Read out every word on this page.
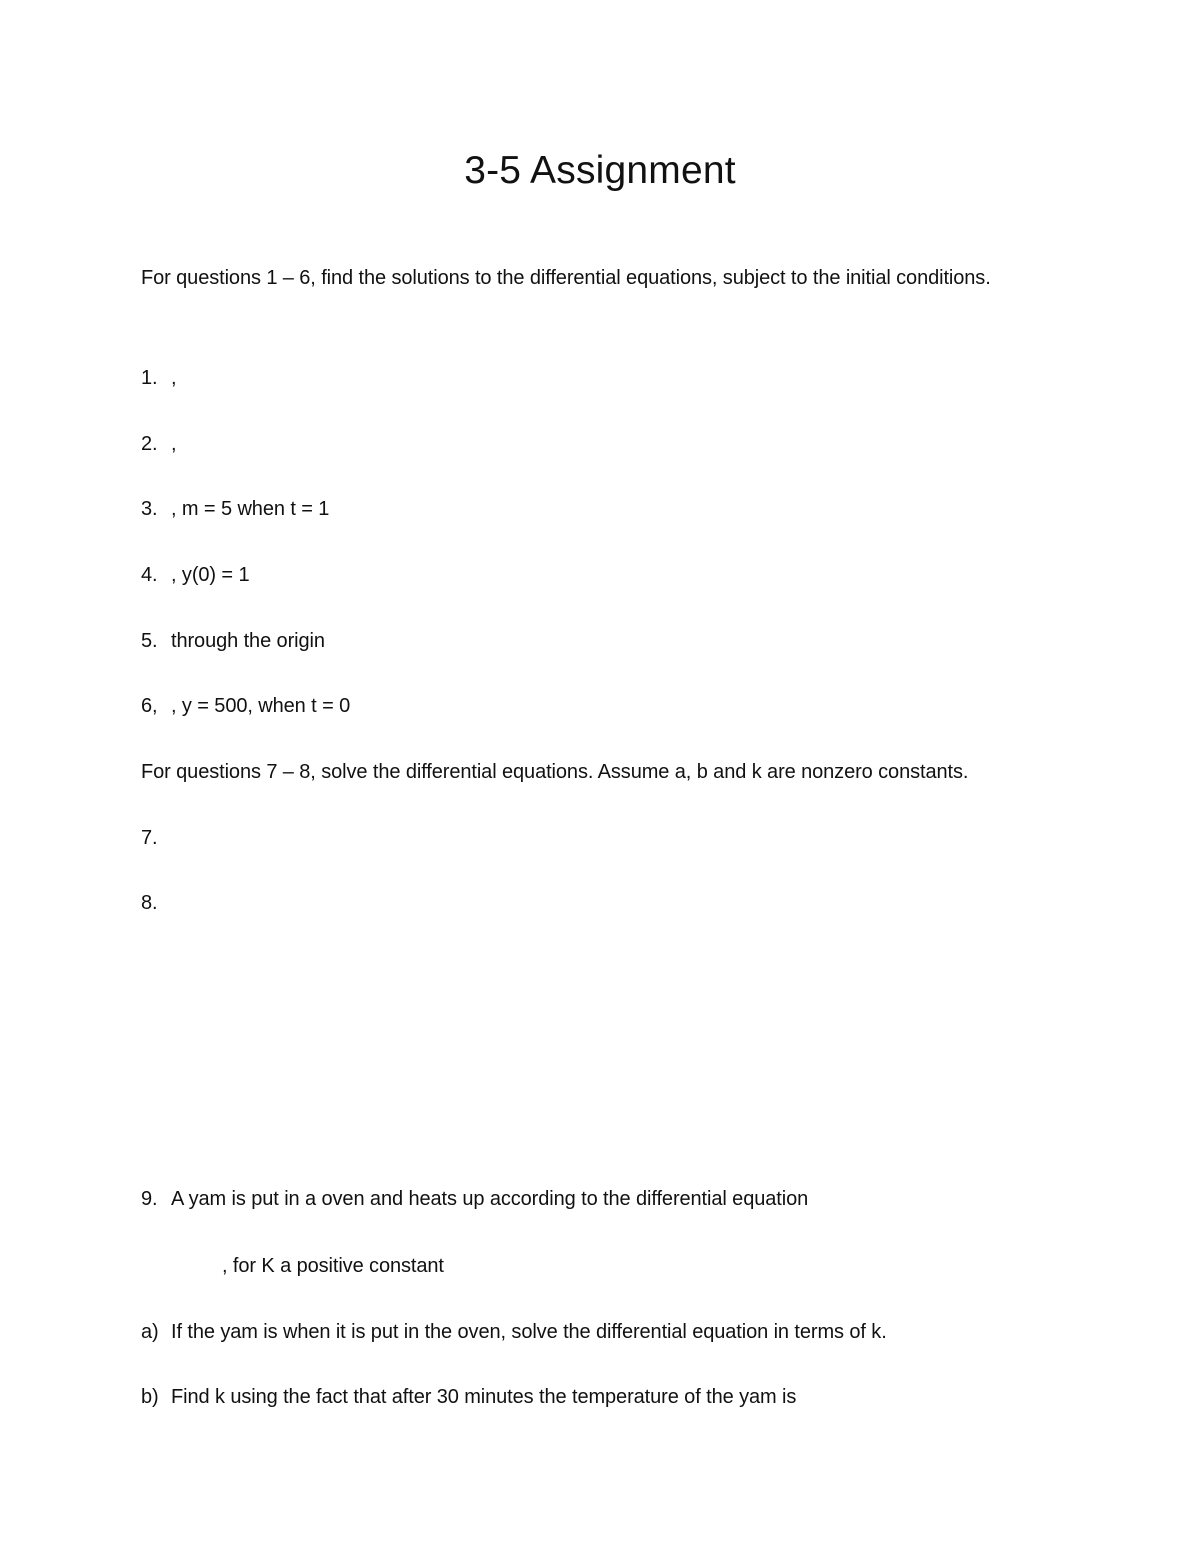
3-5 Assignment
For questions 1 – 6, find the solutions to the differential equations, subject to the initial conditions.
1. ,
2. ,
3. , m = 5 when t = 1
4. , y(0) = 1
5. through the origin
6, , y = 500, when t = 0
For questions 7 – 8, solve the differential equations. Assume a, b and k are nonzero constants.
7.
8.
9. A yam is put in a oven and heats up according to the differential equation
, for K a positive constant
a) If the yam is when it is put in the oven, solve the differential equation in terms of k.
b) Find k using the fact that after 30 minutes the temperature of the yam is
